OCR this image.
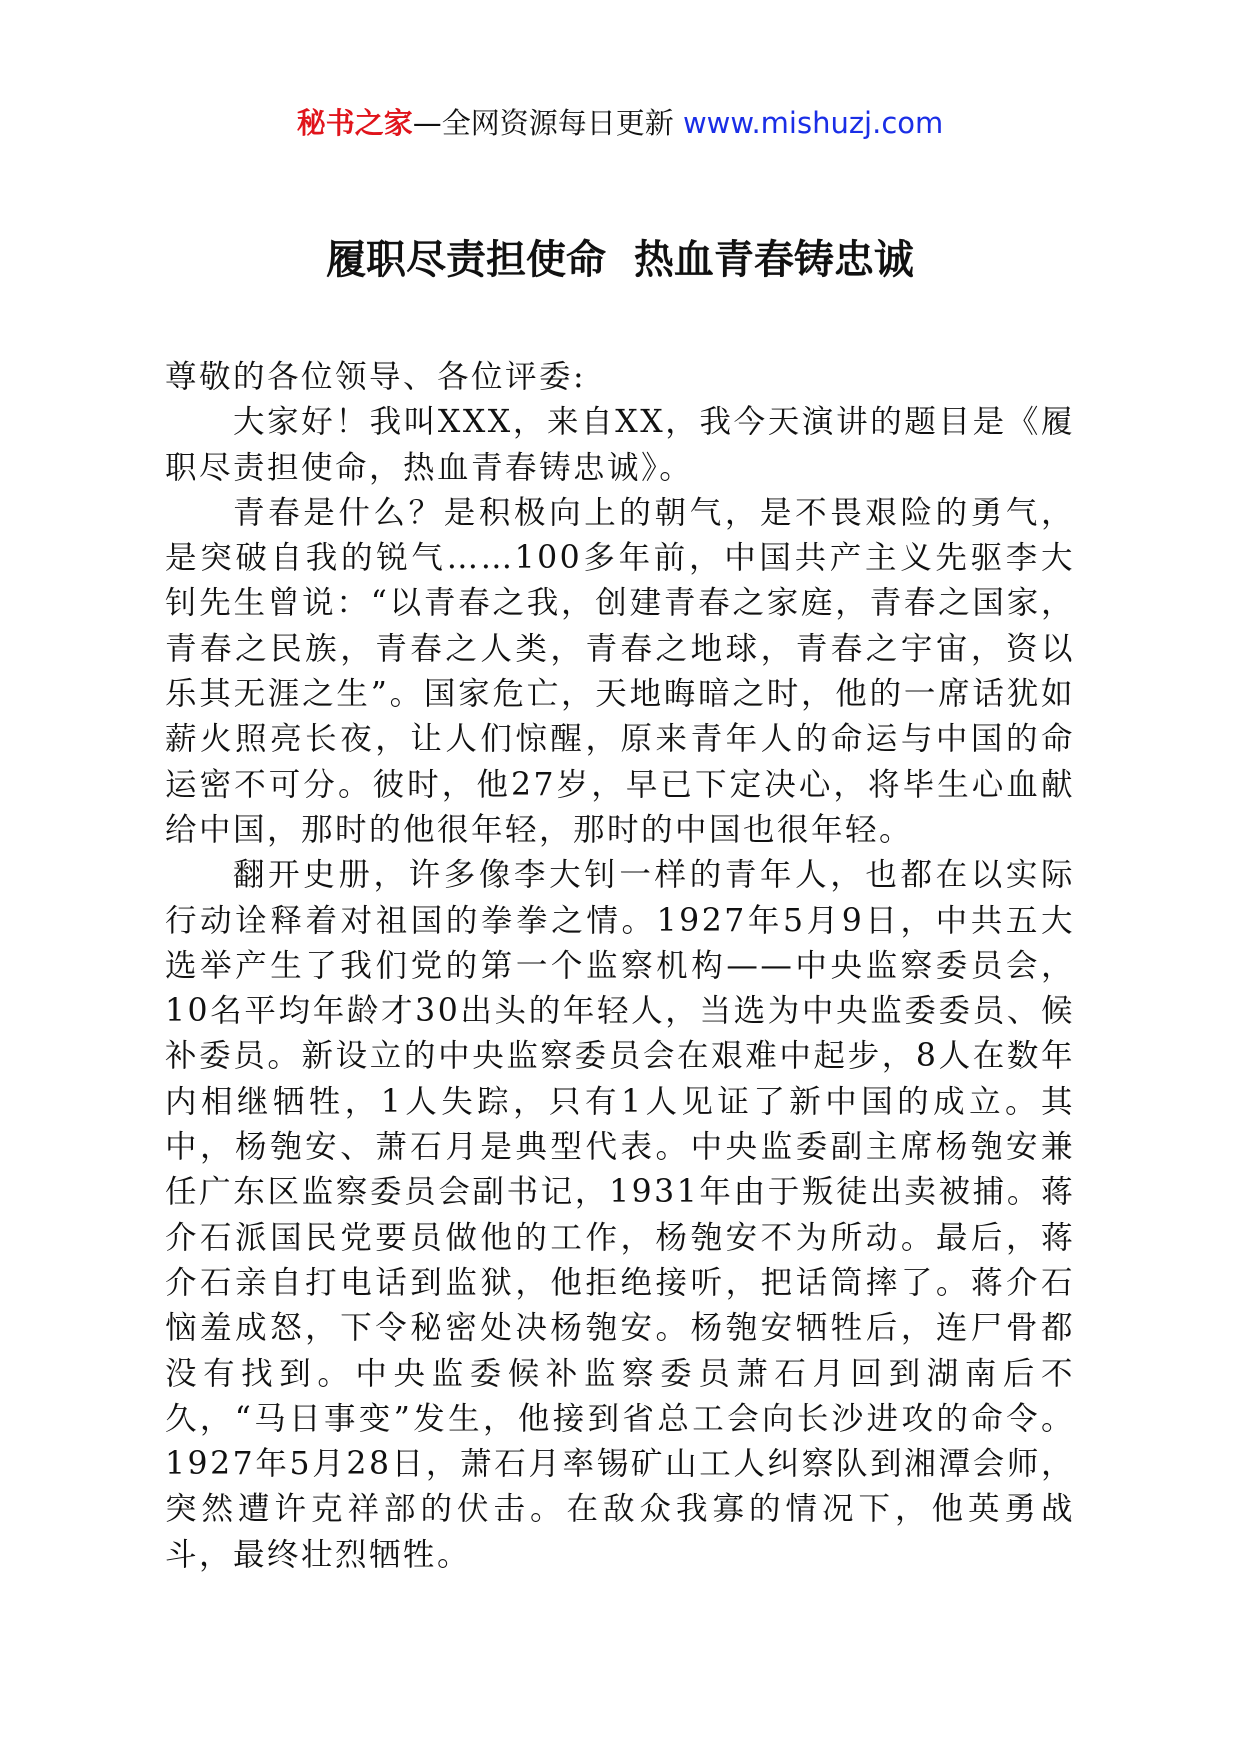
秘书之家—全网资源每日更新 www.mishuzj.com
履职尽责担使命  热血青春铸忠诚

尊敬的各位领导、各位评委:

大家好！我叫XXX，来自XX，我今天演讲的题目是《履职尽责担使命，热血青春铸忠诚》。

青春是什么？是积极向上的朝气，是不畏艰险的勇气，是突破自我的锐气……100多年前，中国共产主义先驱李大钊先生曾说：“以青春之我，创建青春之家庭，青春之国家，青春之民族，青春之人类，青春之地球，青春之宇宙，资以乐其无涯之生”。国家危亡，天地晦暗之时，他的一席话犹如薪火照亮长夜，让人们惊醒，原来青年人的命运与中国的命运密不可分。彼时，他27岁，早已下定决心，将毕生心血献给中国，那时的他很年轻，那时的中国也很年轻。

翻开史册，许多像李大钊一样的青年人，也都在以实际行动诠释着对祖国的拳拳之情。1927年5月9日，中共五大选举产生了我们党的第一个监察机构——中央监察委员会，10名平均年龄才30出头的年轻人，当选为中央监委委员、候补委员。新设立的中央监察委员会在艰难中起步，8人在数年内相继牺牲，1人失踪，只有1人见证了新中国的成立。其中，杨匏安、萧石月是典型代表。中央监委副主席杨匏安兼任广东区监察委员会副书记，1931年由于叛徒出卖被捕。蒋介石派国民党要员做他的工作，杨匏安不为所动。最后，蒋介石亲自打电话到监狱，他拒绝接听，把话筒摔了。蒋介石恼羞成怒，下令秘密处决杨匏安。杨匏安牺牲后，连尸骨都没有找到。中央监委候补监察委员萧石月回到湖南后不久，“马日事变”发生，他接到省总工会向长沙进攻的命令。1927年5月28日，萧石月率锡矿山工人纠察队到湘潭会师，突然遭许克祥部的伏击。在敌众我寡的情况下，他英勇战斗，最终壮烈牺牲。
